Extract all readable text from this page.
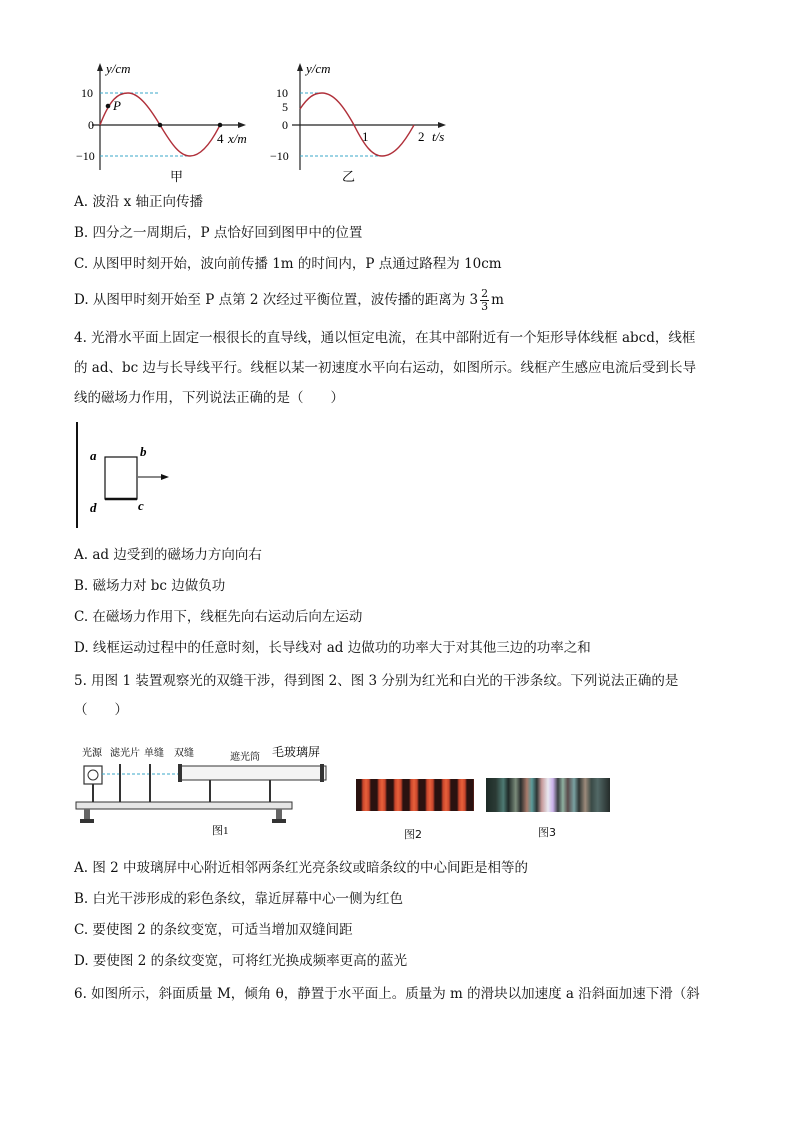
y/cm
10
0
−10
P
4 x/m
甲
y/cm
10
5
0
−10
1	2 t/s
乙
A. 波沿 x 轴正向传播
B. 四分之一周期后，P 点恰好回到图甲中的位置
C. 从图甲时刻开始，波向前传播 1m 的时间内，P 点通过路程为 10cm
D. 从图甲时刻开始至 P 点第 2 次经过平衡位置，波传播的距离为 $3 \frac{2}{3}$ m
4. 光滑水平面上固定一根很长的直导线，通以恒定电流，在其中部附近有一个矩形导体线框 abcd，线框
的 ad、bc 边与长导线平行。线框以某一初速度水平向右运动，如图所示。线框产生感应电流后受到长导
线的磁场力作用，下列说法正确的是（　　）
a	b
c
d
A. ad 边受到的磁场力方向向右
B. 磁场力对 bc 边做负功
C. 在磁场力作用下，线框先向右运动后向左运动
D. 线框运动过程中的任意时刻，长导线对 ad 边做功的功率大于对其他三边的功率之和
5. 用图 1 装置观察光的双缝干涉，得到图 2、图 3 分别为红光和白光的干涉条纹。下列说法正确的是
（　　）
光源 滤光片 单缝 双缝	遮光筒 毛玻璃屏
图1	图2	图3
A. 图 2 中玻璃屏中心附近相邻两条红光亮条纹或暗条纹的中心间距是相等的
B. 白光干涉形成的彩色条纹，靠近屏幕中心一侧为红色
C. 要使图 2 的条纹变宽，可适当增加双缝间距
D. 要使图 2 的条纹变宽，可将红光换成频率更高的蓝光
6. 如图所示，斜面质量 M，倾角 θ，静置于水平面上。质量为 m 的滑块以加速度 a 沿斜面加速下滑（斜
